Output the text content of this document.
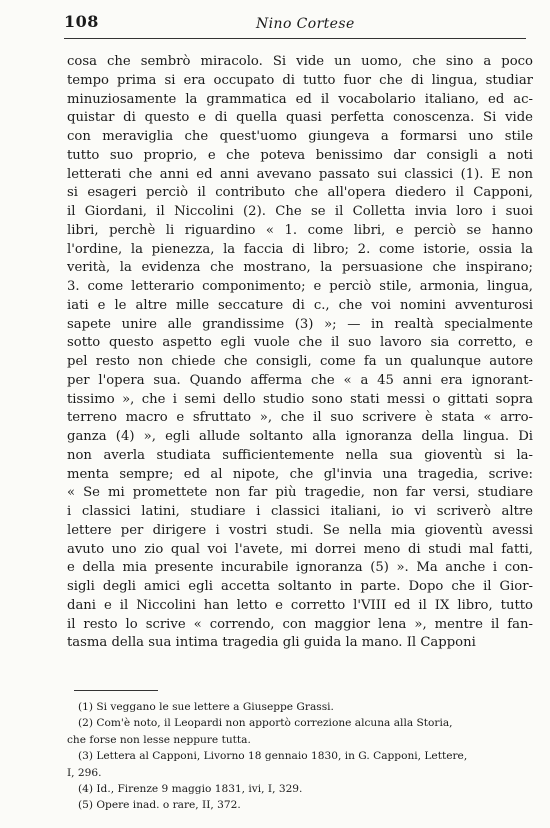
108	Nino Cortese
cosa che sembrò miracolo. Si vide un uomo, che sino a poco
tempo prima si era occupato di tutto fuor che di lingua, studiar
minuziosamente la grammatica ed il vocabolario italiano, ed ac-
quistar di questo e di quella quasi perfetta conoscenza. Si vide
con meraviglia che quest'uomo giungeva a formarsi uno stile
tutto suo proprio, e che poteva benissimo dar consigli a noti
letterati che anni ed anni avevano passato sui classici (1). E non
si esageri perciò il contributo che all'opera diedero il Capponi,
il Giordani, il Niccolini (2). Che se il Colletta invia loro i suoi
libri, perchè li riguardino « 1. come libri, e perciò se hanno
l'ordine, la pienezza, la faccia di libro; 2. come istorie, ossia la
verità, la evidenza che mostrano, la persuasione che inspirano;
3. come letterario componimento; e perciò stile, armonia, lingua,
iati e le altre mille seccature di c., che voi nomini avventurosi
sapete unire alle grandissime (3) »; — in realtà specialmente
sotto questo aspetto egli vuole che il suo lavoro sia corretto, e
pel resto non chiede che consigli, come fa un qualunque autore
per l'opera sua. Quando afferma che « a 45 anni era ignorant-
tissimo », che i semi dello studio sono stati messi o gittati sopra
terreno macro e sfruttato », che il suo scrivere è stata « arro-
ganza (4) », egli allude soltanto alla ignoranza della lingua. Di
non averla studiata sufficientemente nella sua gioventù si la-
menta sempre; ed al nipote, che gl'invia una tragedia, scrive:
« Se mi promettete non far più tragedie, non far versi, studiare
i classici latini, studiare i classici italiani, io vi scriverò altre
lettere per dirigere i vostri studi. Se nella mia gioventù avessi
avuto uno zio qual voi l'avete, mi dorrei meno di studi mal fatti,
e della mia presente incurabile ignoranza (5) ». Ma anche i con-
sigli degli amici egli accetta soltanto in parte. Dopo che il Gior-
dani e il Niccolini han letto e corretto l'VIII ed il IX libro, tutto
il resto lo scrive « correndo, con maggior lena », mentre il fan-
tasma della sua intima tragedia gli guida la mano. Il Capponi
(1) Si veggano le sue lettere a Giuseppe Grassi.
(2) Com'è noto, il Leopardi non apportò correzione alcuna alla Storia,
che forse non lesse neppure tutta.
(3) Lettera al Capponi, Livorno 18 gennaio 1830, in G. Capponi, Lettere,
I, 296.
(4) Id., Firenze 9 maggio 1831, ivi, I, 329.
(5) Opere inad. o rare, II, 372.
